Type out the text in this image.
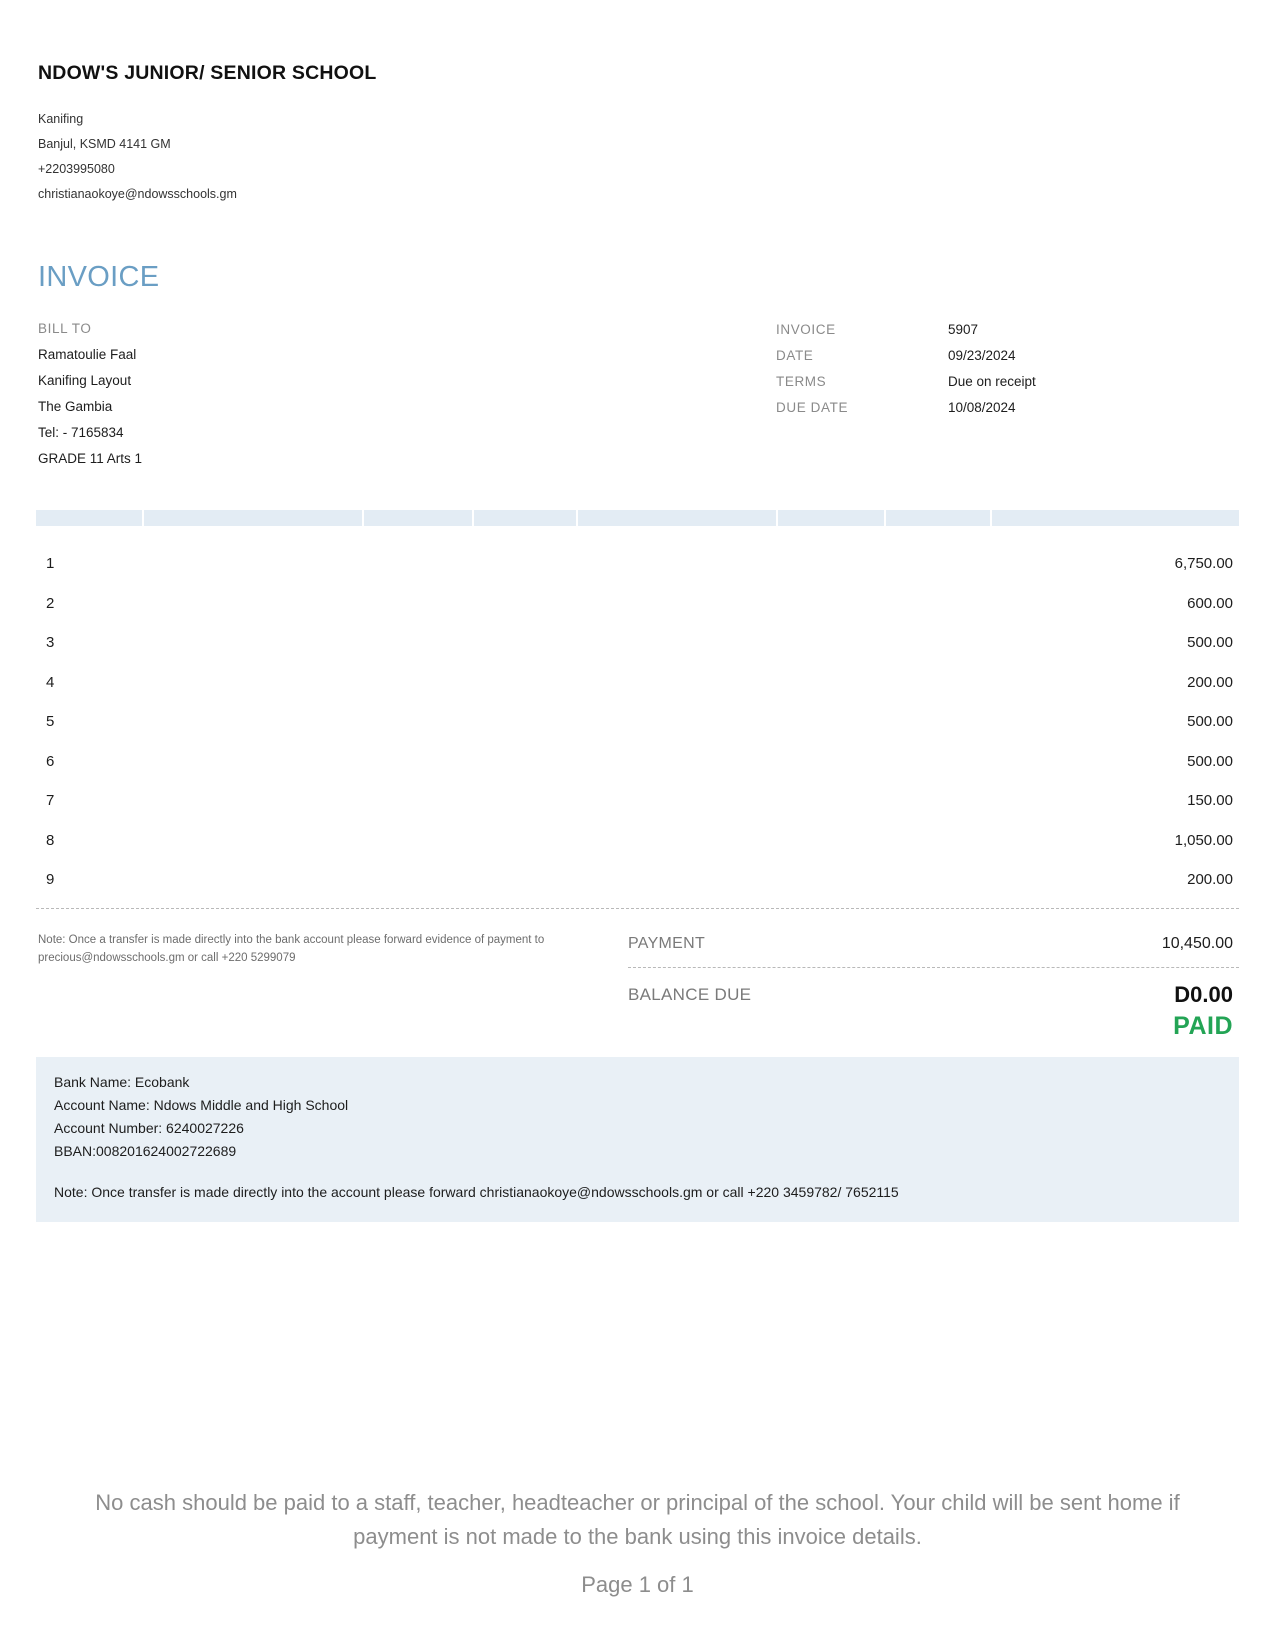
NDOW'S JUNIOR/ SENIOR SCHOOL
Kanifing
Banjul, KSMD 4141 GM
+2203995080
christianaokoye@ndowsschools.gm
INVOICE
BILL TO
Ramatoulie Faal
Kanifing Layout
The Gambia
Tel: - 7165834
GRADE 11 Arts 1
INVOICE	5907
DATE	09/23/2024
TERMS	Due on receipt
DUE DATE	10/08/2024
1	6,750.00
2	600.00
3	500.00
4	200.00
5	500.00
6	500.00
7	150.00
8	1,050.00
9	200.00
Note: Once a transfer is made directly into the bank account please forward evidence of payment to precious@ndowsschools.gm or call +220 5299079
PAYMENT	10,450.00
BALANCE DUE	D0.00
PAID
Bank Name: Ecobank
Account Name: Ndows Middle and High School
Account Number: 6240027226
BBAN:008201624002722689
Note: Once transfer is made directly into the account please forward christianaokoye@ndowsschools.gm or call +220 3459782/ 7652115
No cash should be paid to a staff, teacher, headteacher or principal of the school. Your child will be sent home if payment is not made to the bank using this invoice details.
Page 1 of 1
